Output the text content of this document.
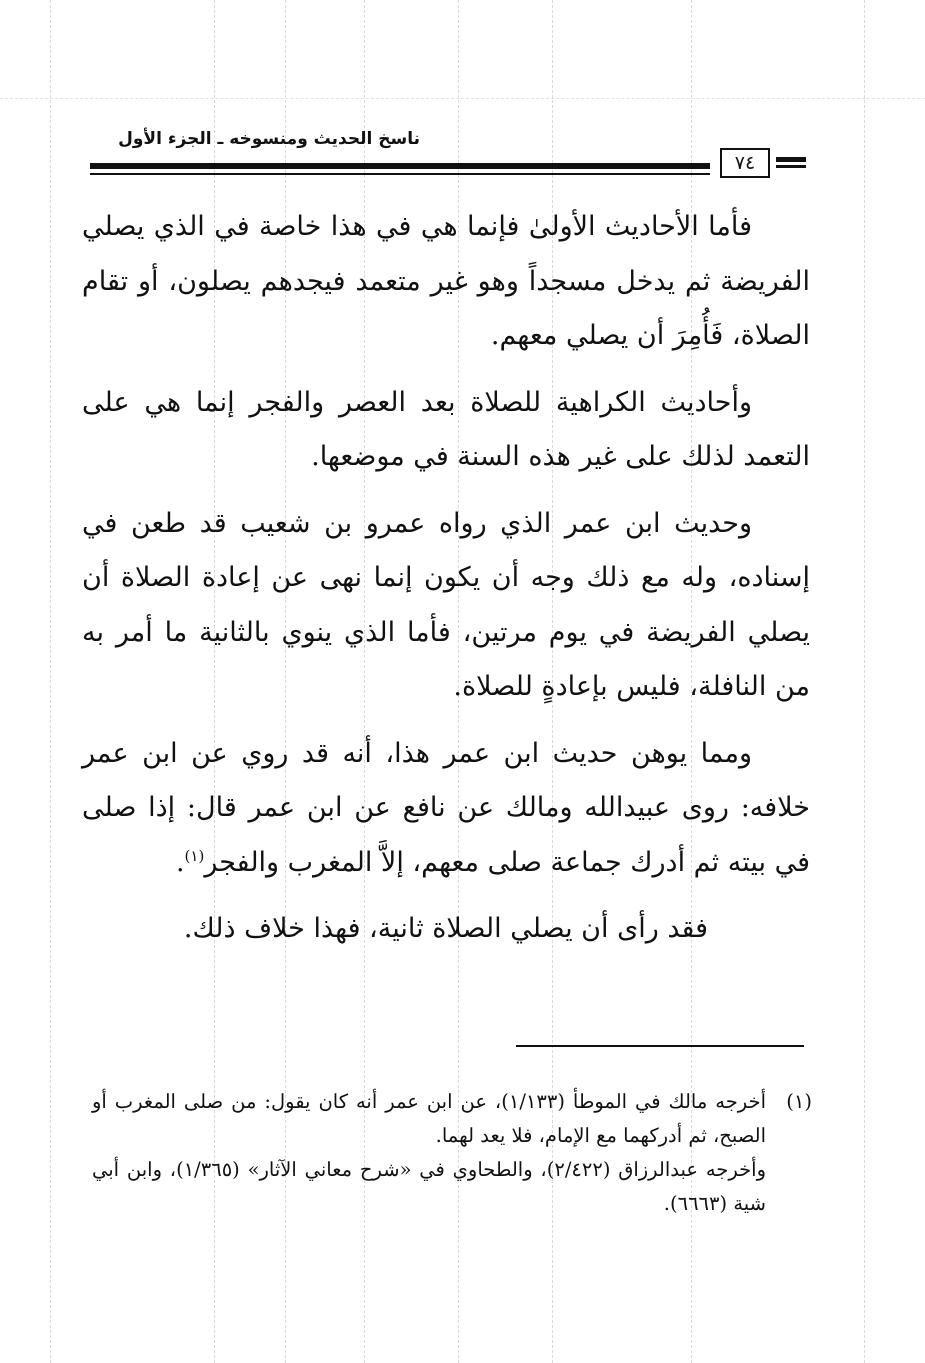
ناسخ الحديث ومنسوخه ـ الجزء الأول
٧٤

فأما الأحاديث الأولىٰ فإنما هي في هذا خاصة في الذي يصلي الفريضة ثم يدخل مسجداً وهو غير متعمد فيجدهم يصلون، أو تقام الصلاة، فَأُمِرَ أن يصلي معهم.

وأحاديث الكراهية للصلاة بعد العصر والفجر إنما هي على التعمد لذلك على غير هذه السنة في موضعها.

وحديث ابن عمر الذي رواه عمرو بن شعيب قد طعن في إسناده، وله مع ذلك وجه أن يكون إنما نهى عن إعادة الصلاة أن يصلي الفريضة في يوم مرتين، فأما الذي ينوي بالثانية ما أمر به من النافلة، فليس بإعادةٍ للصلاة.

ومما يوهن حديث ابن عمر هذا، أنه قد روي عن ابن عمر خلافه: روى عبيدالله ومالك عن نافع عن ابن عمر قال: إذا صلى في بيته ثم أدرك جماعة صلى معهم، إلاَّ المغرب والفجر$^{(١)}$.

فقد رأى أن يصلي الصلاة ثانية، فهذا خلاف ذلك.

(١)
أخرجه مالك في الموطأ (١/١٣٣)، عن ابن عمر أنه كان يقول: من صلى المغرب أو الصبح، ثم أدركهما مع الإمام، فلا يعد لهما.
وأخرجه عبدالرزاق (٢/٤٢٢)، والطحاوي في «شرح معاني الآثار» (١/٣٦٥)، وابن أبي شية (٦٦٦٣).
